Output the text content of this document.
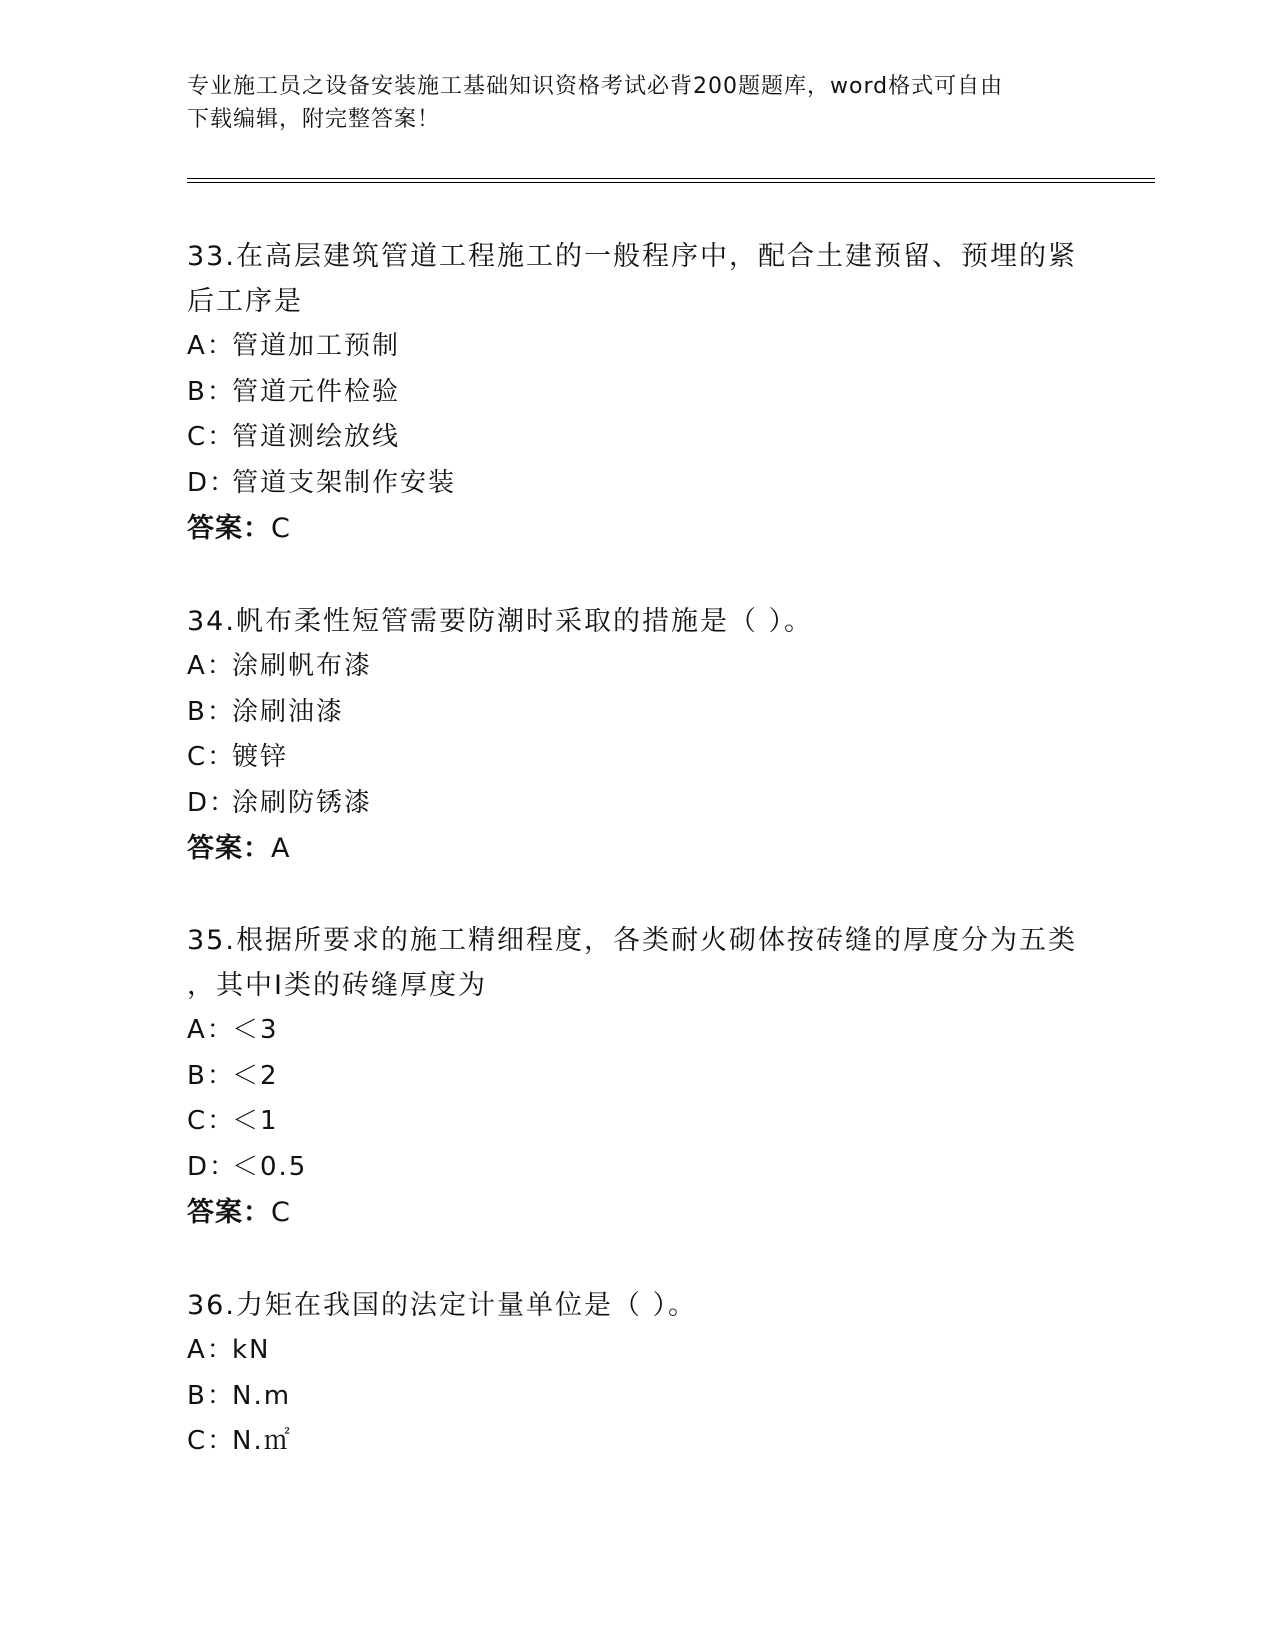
专业施工员之设备安装施工基础知识资格考试必背200题题库，word格式可自由
下载编辑，附完整答案！

33.在高层建筑管道工程施工的一般程序中，配合土建预留、预埋的紧

后工序是

A：管道加工预制

B：管道元件检验

C：管道测绘放线

D：管道支架制作安装

答案：C

34.帆布柔性短管需要防潮时采取的措施是（ ）。

A：涂刷帆布漆

B：涂刷油漆

C：镀锌

D：涂刷防锈漆

答案：A

35.根据所要求的施工精细程度，各类耐火砌体按砖缝的厚度分为五类

，其中Ⅰ类的砖缝厚度为

A：＜3

B：＜2

C：＜1

D：＜0.5

答案：C

36.力矩在我国的法定计量单位是（ ）。

A：kN

B：N.m

C：N.㎡
